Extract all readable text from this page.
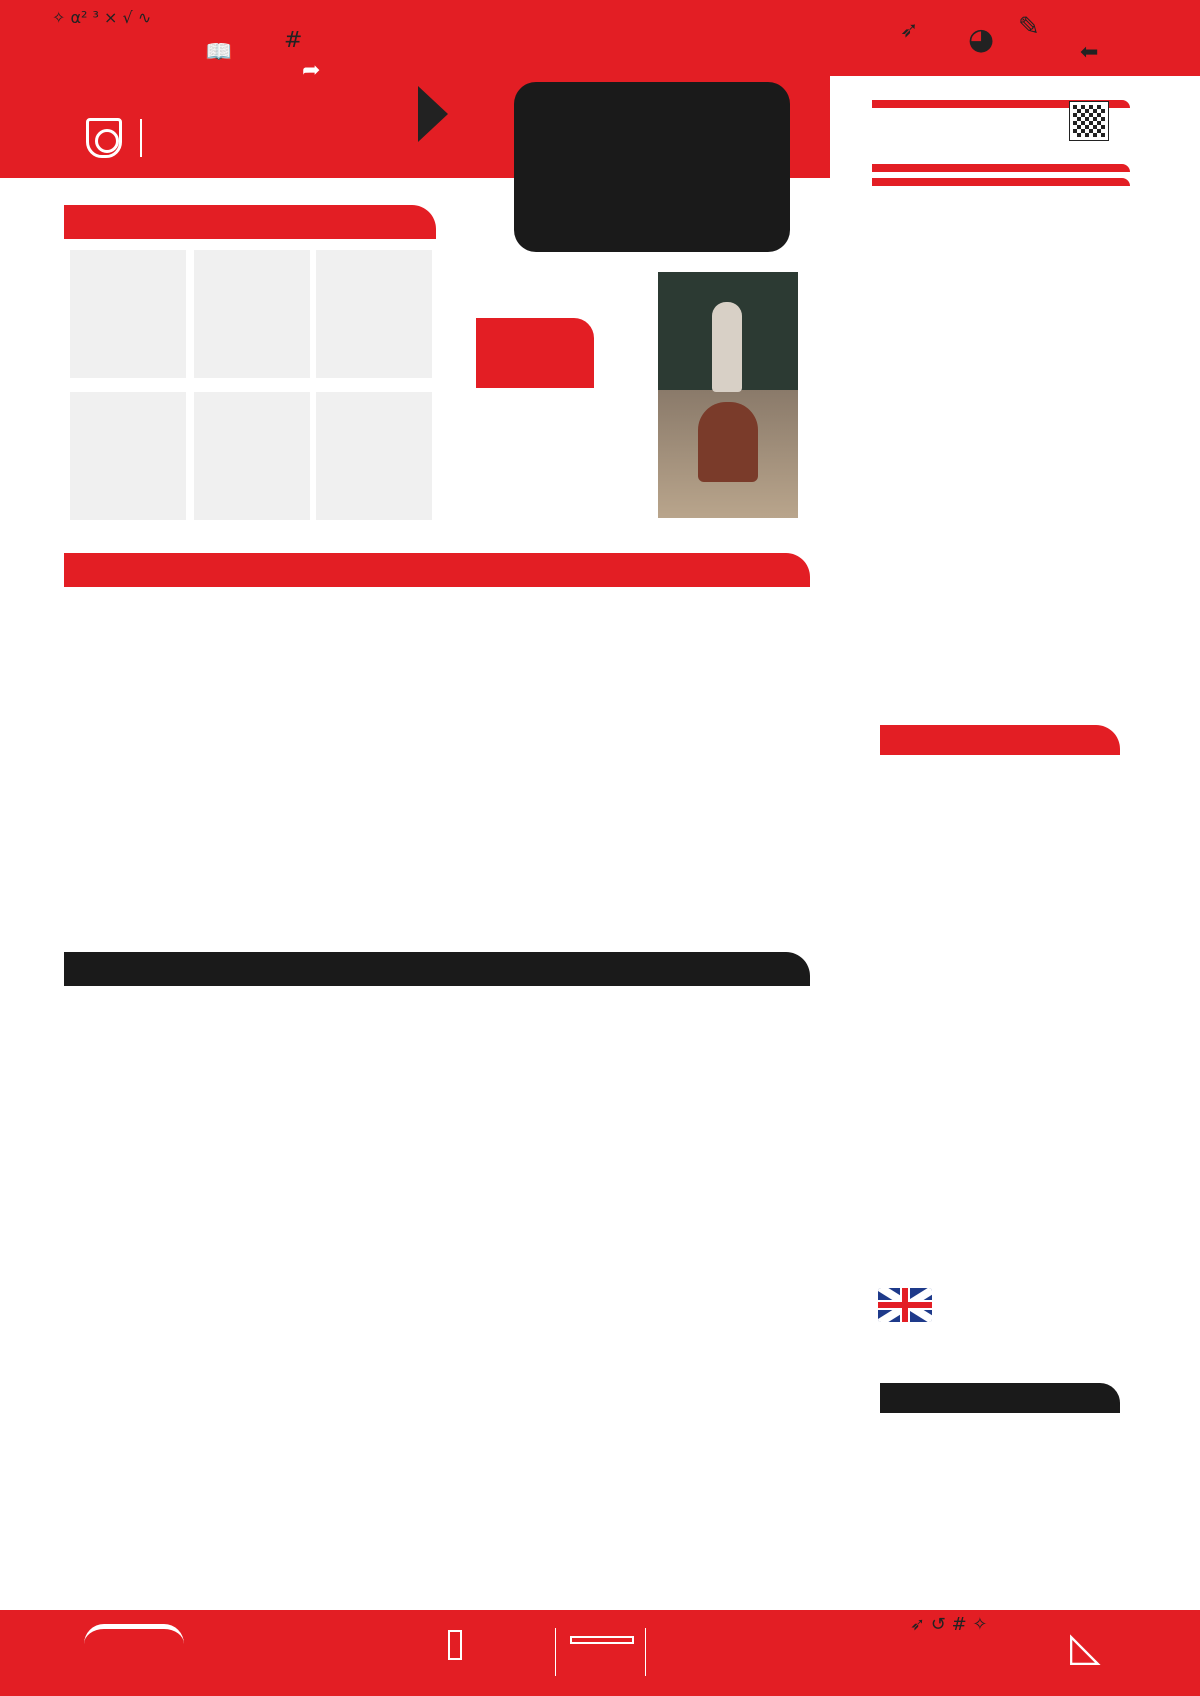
✧ α² ³ × √ ∿
📖 #
➦
➶ ◕ ✎
⬅
➶ ↺ # ✧ ◺
